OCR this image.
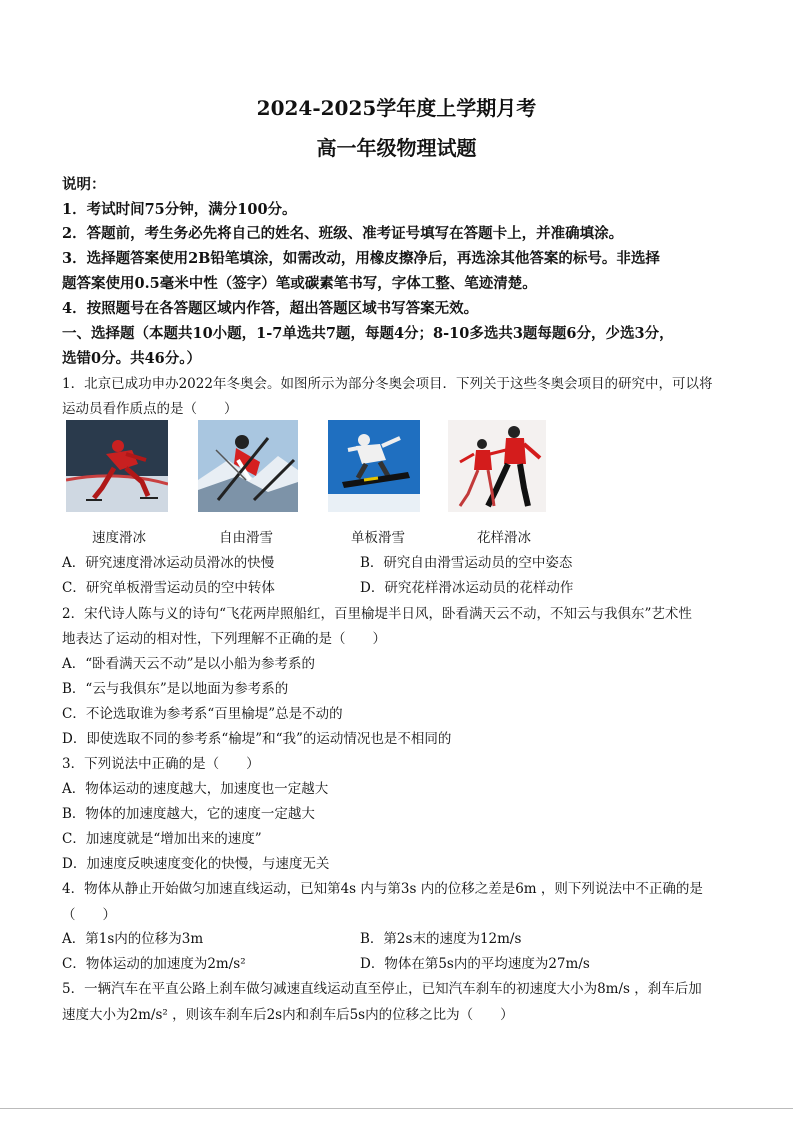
2024-2025学年度上学期月考
高一年级物理试题
说明：
1．考试时间75分钟，满分100分。
2．答题前，考生务必先将自己的姓名、班级、准考证号填写在答题卡上，并准确填涂。
3．选择题答案使用2B铅笔填涂，如需改动，用橡皮擦净后，再选涂其他答案的标号。非选择
题答案使用0.5毫米中性（签字）笔或碳素笔书写，字体工整、笔迹清楚。
4．按照题号在各答题区域内作答，超出答题区域书写答案无效。
一、选择题（本题共10小题，1-7单选共7题，每题4分；8-10多选共3题每题6分，少选3分，
选错0分。共46分。）
1．北京已成功申办2022年冬奥会。如图所示为部分冬奥会项目．下列关于这些冬奥会项目的研究中，可以将
运动员看作质点的是（　　）
速度滑冰	自由滑雪	单板滑雪	花样滑冰
A．研究速度滑冰运动员滑冰的快慢	B．研究自由滑雪运动员的空中姿态
C．研究单板滑雪运动员的空中转体	D．研究花样滑冰运动员的花样动作
2．宋代诗人陈与义的诗句“飞花两岸照船红，百里榆堤半日风，卧看满天云不动，不知云与我俱东”艺术性
地表达了运动的相对性，下列理解不正确的是（　　）
A．“卧看满天云不动”是以小船为参考系的
B．“云与我俱东”是以地面为参考系的
C．不论选取谁为参考系“百里榆堤”总是不动的
D．即使选取不同的参考系“榆堤”和“我”的运动情况也是不相同的
3．下列说法中正确的是（　　）
A．物体运动的速度越大，加速度也一定越大
B．物体的加速度越大，它的速度一定越大
C．加速度就是“增加出来的速度”
D．加速度反映速度变化的快慢，与速度无关
4．物体从静止开始做匀加速直线运动，已知第4s 内与第3s 内的位移之差是6m ，则下列说法中不正确的是
（　　）
A．第1s内的位移为3m	B．第2s末的速度为12m/s
C．物体运动的加速度为2m/s²	D．物体在第5s内的平均速度为27m/s
5．一辆汽车在平直公路上刹车做匀减速直线运动直至停止，已知汽车刹车的初速度大小为8m/s ，刹车后加
速度大小为2m/s² ，则该车刹车后2s内和刹车后5s内的位移之比为（　　）
